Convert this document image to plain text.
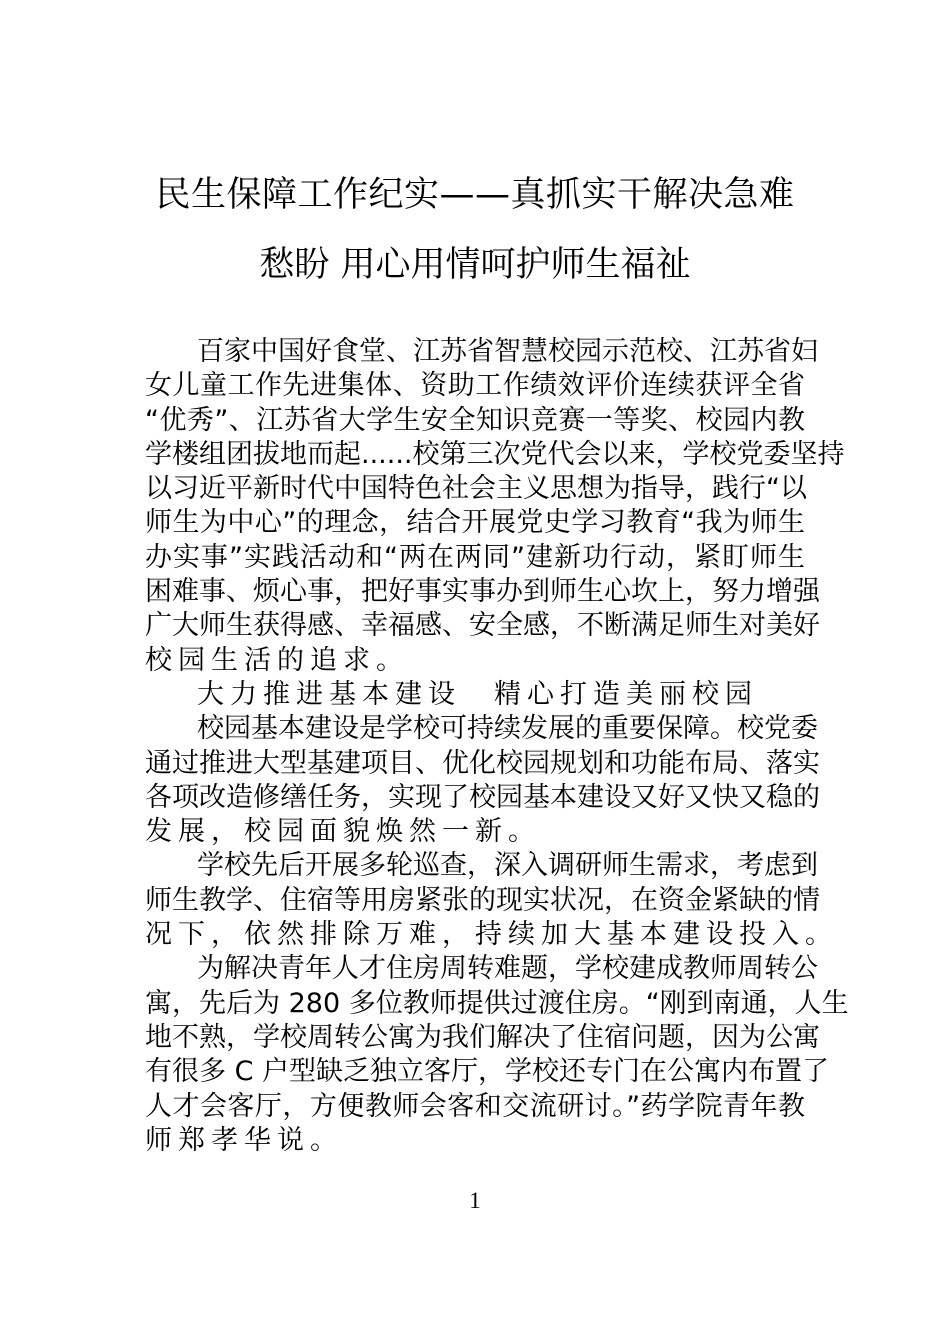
民生保障工作纪实——真抓实干解决急难
愁盼 用心用情呵护师生福祉
百家中国好食堂、江苏省智慧校园示范校、江苏省妇
女儿童工作先进集体、资助工作绩效评价连续获评全省
“优秀”、江苏省大学生安全知识竞赛一等奖、校园内教
学楼组团拔地而起......校第三次党代会以来，学校党委坚持
以习近平新时代中国特色社会主义思想为指导，践行“以
师生为中心”的理念，结合开展党史学习教育“我为师生
办实事”实践活动和“两在两同”建新功行动，紧盯师生
困难事、烦心事，把好事实事办到师生心坎上，努力增强
广大师生获得感、幸福感、安全感，不断满足师生对美好
校园生活的追求。
大力推进基本建设　精心打造美丽校园
校园基本建设是学校可持续发展的重要保障。校党委
通过推进大型基建项目、优化校园规划和功能布局、落实
各项改造修缮任务，实现了校园基本建设又好又快又稳的
发展，校园面貌焕然一新。
学校先后开展多轮巡查，深入调研师生需求，考虑到
师生教学、住宿等用房紧张的现实状况，在资金紧缺的情
况下，依然排除万难，持续加大基本建设投入。
为解决青年人才住房周转难题，学校建成教师周转公
寓，先后为 280 多位教师提供过渡住房。“刚到南通，人生
地不熟，学校周转公寓为我们解决了住宿问题，因为公寓
有很多 C 户型缺乏独立客厅，学校还专门在公寓内布置了
人才会客厅，方便教师会客和交流研讨。”药学院青年教
师郑孝华说。
1
